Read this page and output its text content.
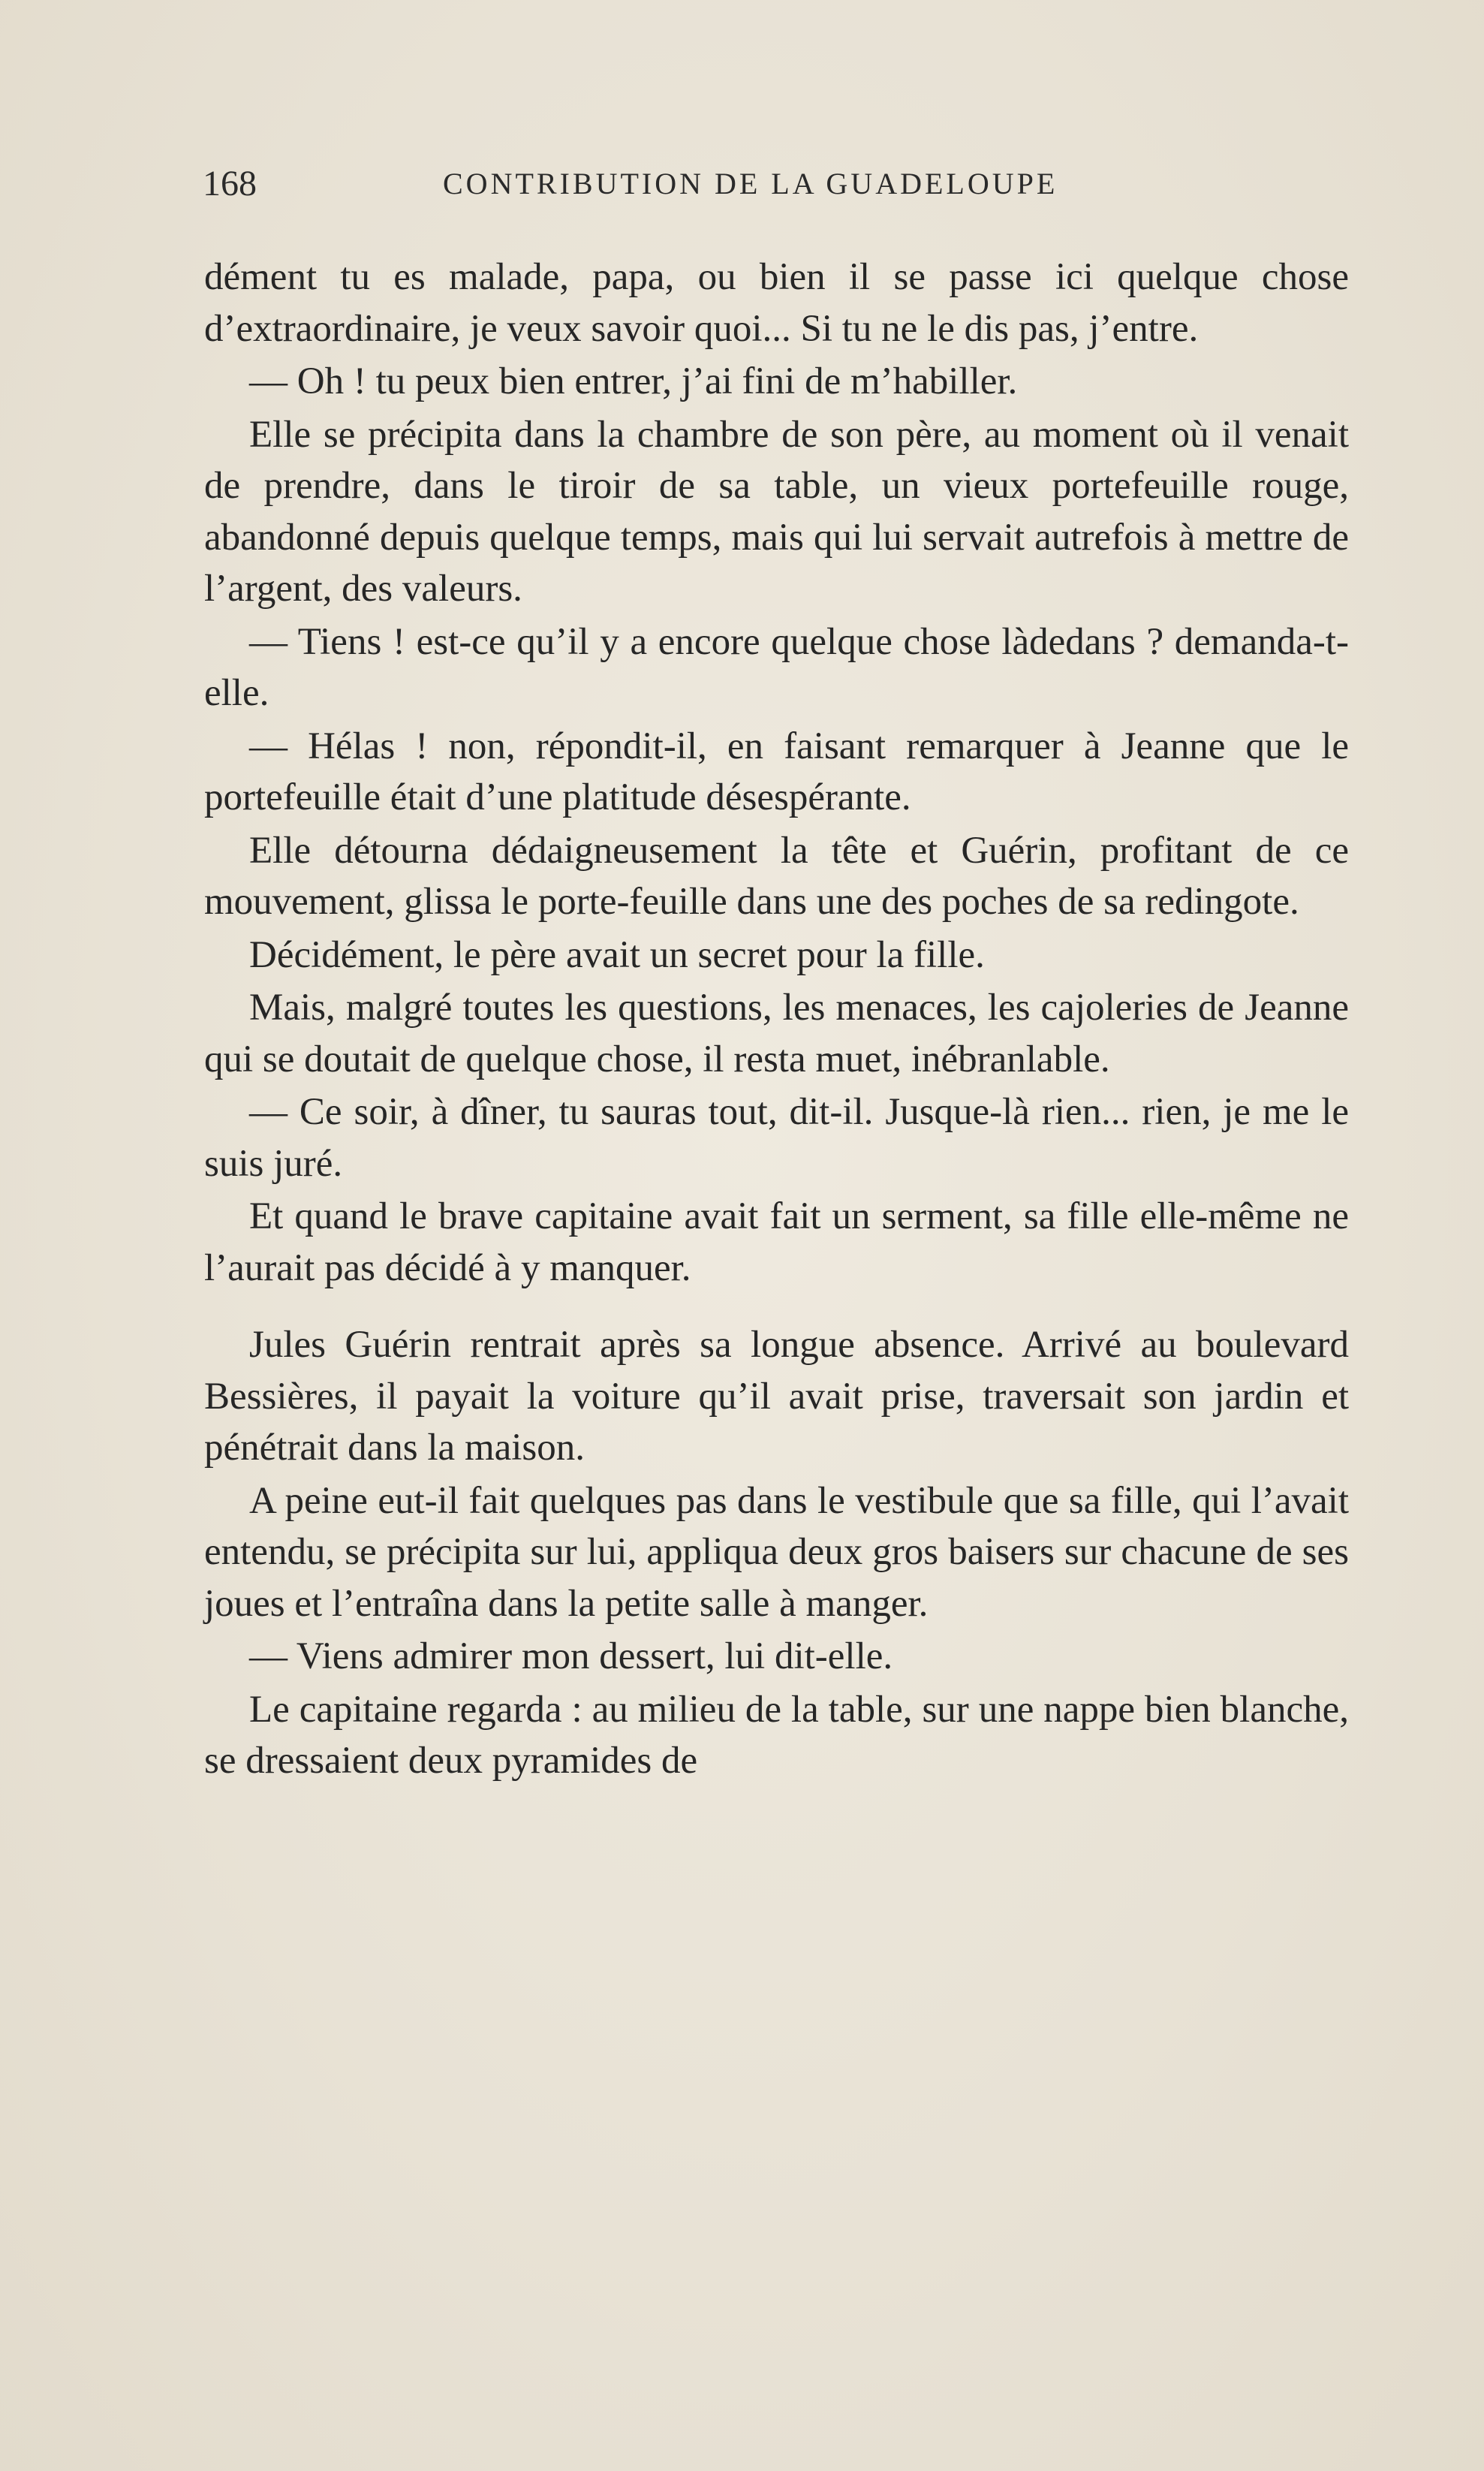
168	CONTRIBUTION DE LA GUADELOUPE

dément tu es malade, papa, ou bien il se passe ici quelque chose d’extraordinaire, je veux savoir quoi... Si tu ne le dis pas, j’entre.

— Oh ! tu peux bien entrer, j’ai fini de m’habiller.

Elle se précipita dans la chambre de son père, au moment où il venait de prendre, dans le tiroir de sa table, un vieux portefeuille rouge, abandonné depuis quelque temps, mais qui lui servait autrefois à mettre de l’argent, des valeurs.

— Tiens ! est-ce qu’il y a encore quelque chose làdedans ? demanda-t-elle.

— Hélas ! non, répondit-il, en faisant remarquer à Jeanne que le portefeuille était d’une platitude désespérante.

Elle détourna dédaigneusement la tête et Guérin, profitant de ce mouvement, glissa le porte-feuille dans une des poches de sa redingote.

Décidément, le père avait un secret pour la fille.

Mais, malgré toutes les questions, les menaces, les cajoleries de Jeanne qui se doutait de quelque chose, il resta muet, inébranlable.

— Ce soir, à dîner, tu sauras tout, dit-il. Jusque-là rien... rien, je me le suis juré.

Et quand le brave capitaine avait fait un serment, sa fille elle-même ne l’aurait pas décidé à y manquer.

Jules Guérin rentrait après sa longue absence. Arrivé au boulevard Bessières, il payait la voiture qu’il avait prise, traversait son jardin et pénétrait dans la maison.

A peine eut-il fait quelques pas dans le vestibule que sa fille, qui l’avait entendu, se précipita sur lui, appliqua deux gros baisers sur chacune de ses joues et l’entraîna dans la petite salle à manger.

— Viens admirer mon dessert, lui dit-elle.

Le capitaine regarda : au milieu de la table, sur une nappe bien blanche, se dressaient deux pyramides de
